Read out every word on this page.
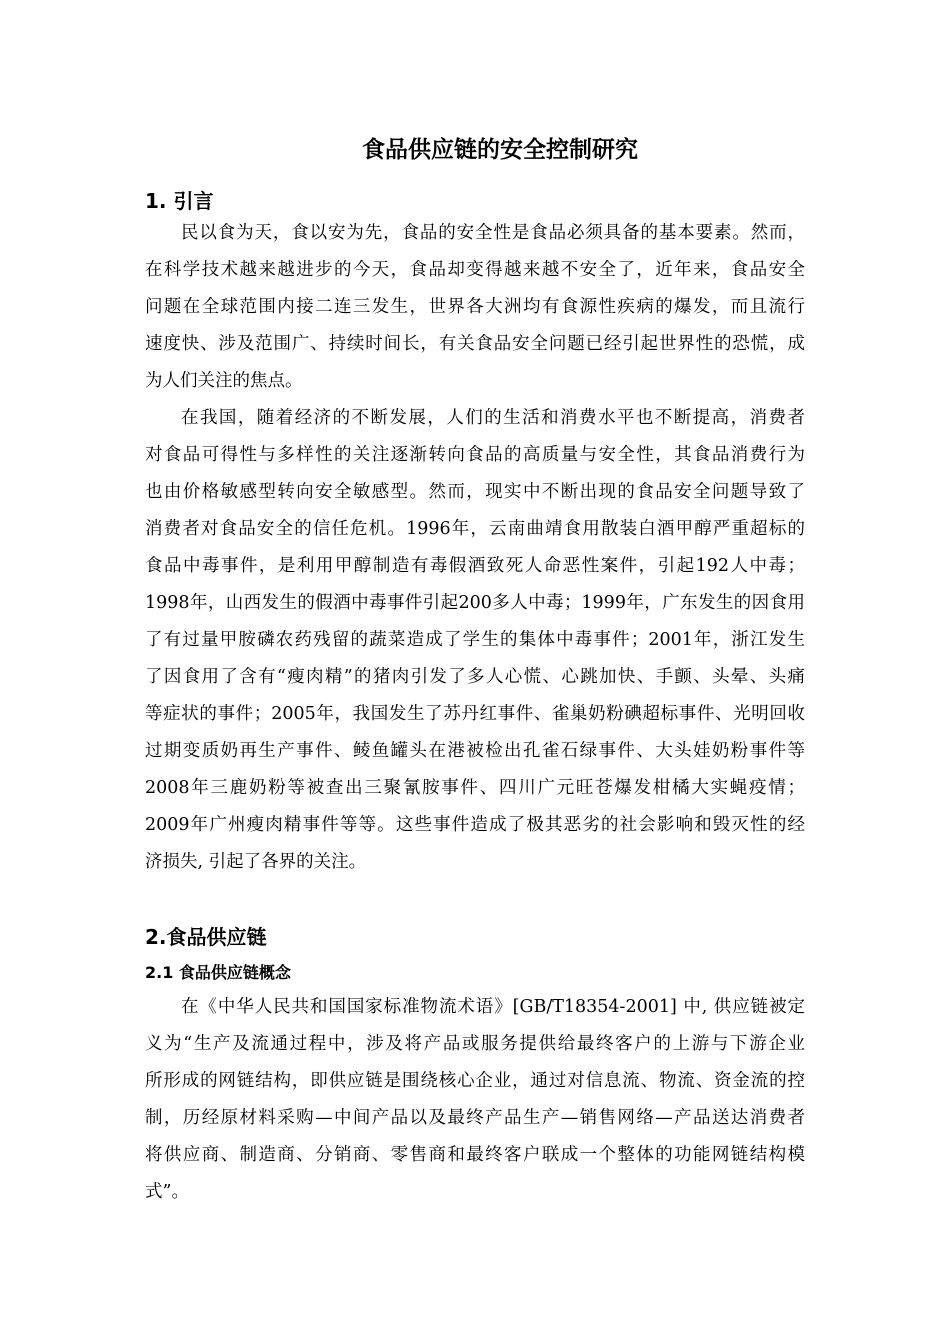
食品供应链的安全控制研究
1. 引言
民以食为天，食以安为先，食品的安全性是食品必须具备的基本要素。然而，
在科学技术越来越进步的今天，食品却变得越来越不安全了，近年来，食品安全
问题在全球范围内接二连三发生，世界各大洲均有食源性疾病的爆发，而且流行
速度快、涉及范围广、持续时间长，有关食品安全问题已经引起世界性的恐慌，成
为人们关注的焦点。
在我国，随着经济的不断发展，人们的生活和消费水平也不断提高，消费者
对食品可得性与多样性的关注逐渐转向食品的高质量与安全性，其食品消费行为
也由价格敏感型转向安全敏感型。然而，现实中不断出现的食品安全问题导致了
消费者对食品安全的信任危机。1996年，云南曲靖食用散装白酒甲醇严重超标的
食品中毒事件，是利用甲醇制造有毒假酒致死人命恶性案件，引起192人中毒；
1998年，山西发生的假酒中毒事件引起200多人中毒；1999年，广东发生的因食用
了有过量甲胺磷农药残留的蔬菜造成了学生的集体中毒事件；2001年，浙江发生
了因食用了含有“瘦肉精”的猪肉引发了多人心慌、心跳加快、手颤、头晕、头痛
等症状的事件；2005年，我国发生了苏丹红事件、雀巢奶粉碘超标事件、光明回收
过期变质奶再生产事件、鲮鱼罐头在港被检出孔雀石绿事件、大头娃奶粉事件等
2008年三鹿奶粉等被查出三聚氰胺事件、四川广元旺苍爆发柑橘大实蝇疫情；
2009年广州瘦肉精事件等等。这些事件造成了极其恶劣的社会影响和毁灭性的经
济损失, 引起了各界的关注。
2.食品供应链
2.1 食品供应链概念
在《中华人民共和国国家标准物流术语》[GB/T18354-2001] 中, 供应链被定
义为“生产及流通过程中，涉及将产品或服务提供给最终客户的上游与下游企业
所形成的网链结构，即供应链是围绕核心企业，通过对信息流、物流、资金流的控
制，历经原材料采购—中间产品以及最终产品生产—销售网络—产品送达消费者
将供应商、制造商、分销商、零售商和最终客户联成一个整体的功能网链结构模
式”。
